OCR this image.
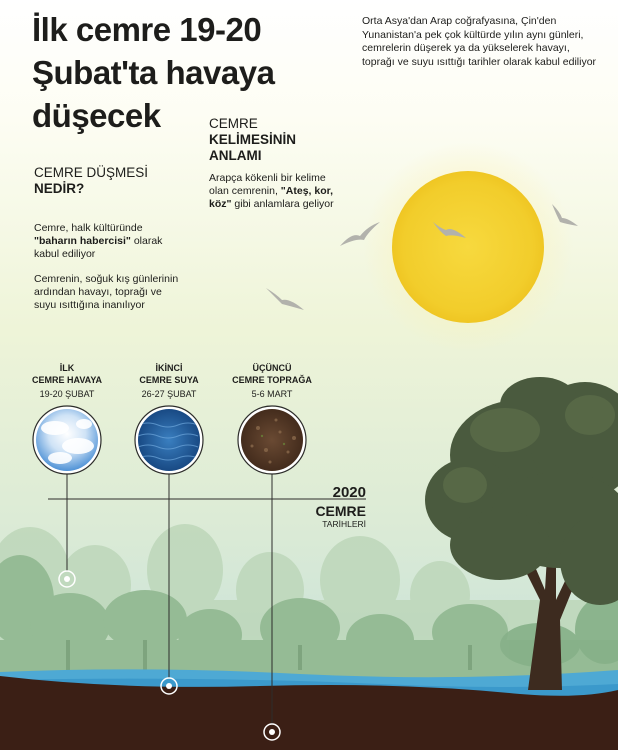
İlk cemre 19-20 Şubat'ta havaya düşecek
Orta Asya'dan Arap coğrafyasına, Çin'den Yunanistan'a pek çok kültürde yılın aynı günleri, cemrelerin düşerek ya da yükselerek havayı, toprağı ve suyu ısıttığı tarihler olarak kabul ediliyor
CEMRE
KELİMESİNİN ANLAMI
Arapça kökenli bir kelime olan cemrenin, "Ateş, kor, köz" gibi anlamlara geliyor
CEMRE DÜŞMESİ
NEDİR?
Cemre, halk kültüründe "baharın habercisi" olarak kabul ediliyor
Cemrenin, soğuk kış günlerinin ardından havayı, toprağı ve suyu ısıttığına inanılıyor
İLK
CEMRE HAVAYA
19-20 ŞUBAT
İKİNCİ
CEMRE SUYA
26-27 ŞUBAT
ÜÇÜNCÜ
CEMRE TOPRAĞA
5-6 MART
2020
CEMRE
TARİHLERİ
